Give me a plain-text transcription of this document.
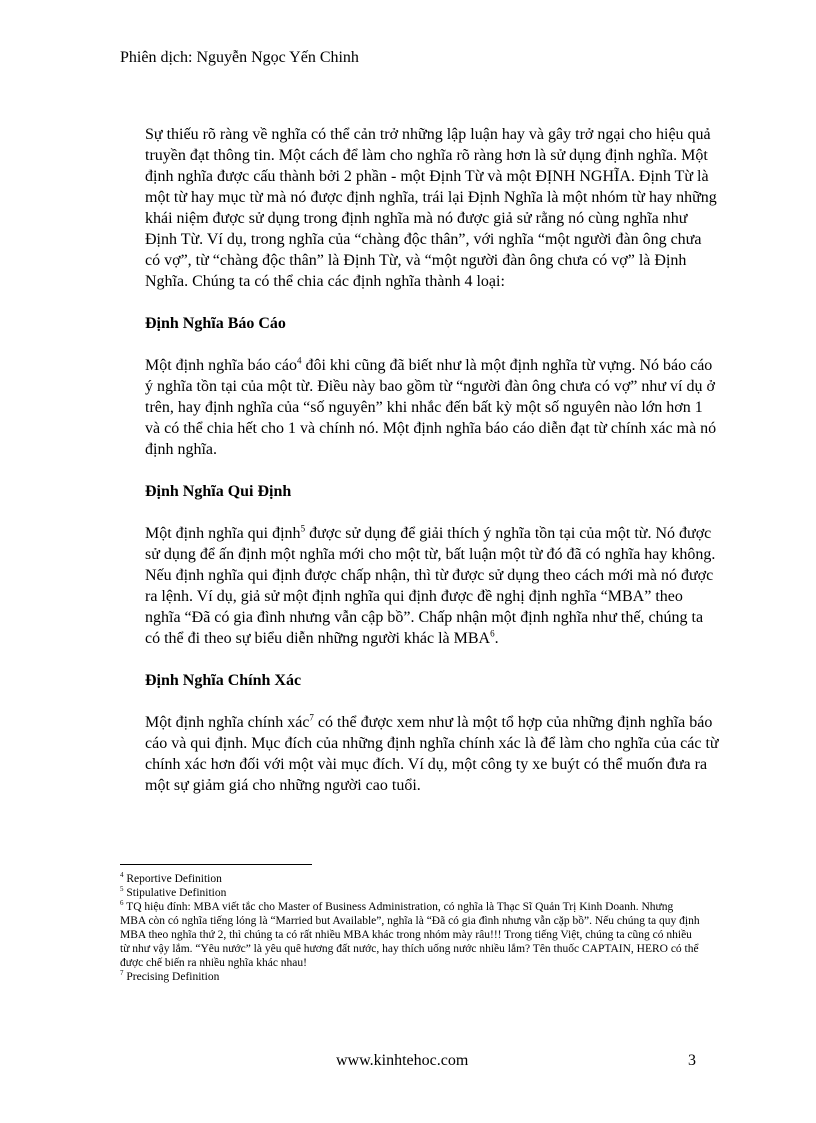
Phiên dịch: Nguyễn Ngọc Yến Chinh

Sự thiếu rõ ràng về nghĩa có thể cản trở những lập luận hay và gây trở ngại cho hiệu quả truyền đạt thông tin. Một cách để làm cho nghĩa rõ ràng hơn là sử dụng định nghĩa. Một định nghĩa được cấu thành bởi 2 phần - một Định Từ và một ĐỊNH NGHĨA. Định Từ là một từ hay mục từ mà nó được định nghĩa, trái lại Định Nghĩa là một nhóm từ hay những khái niệm được sử dụng trong định nghĩa mà nó được giả sử rằng nó cùng nghĩa như Định Từ. Ví dụ, trong nghĩa của “chàng độc thân”, với nghĩa “một người đàn ông chưa có vợ”, từ “chàng độc thân” là Định Từ, và “một người đàn ông chưa có vợ” là Định Nghĩa. Chúng ta có thể chia các định nghĩa thành 4 loại:

Định Nghĩa Báo Cáo

Một định nghĩa báo cáo$^4$ đôi khi cũng đã biết như là một định nghĩa từ vựng. Nó báo cáo ý nghĩa tồn tại của một từ. Điều này bao gồm từ “người đàn ông chưa có vợ” như ví dụ ở trên, hay định nghĩa của “số nguyên” khi nhắc đến bất kỳ một số nguyên nào lớn hơn 1 và có thể chia hết cho 1 và chính nó. Một định nghĩa báo cáo diễn đạt từ chính xác mà nó định nghĩa.

Định Nghĩa Qui Định

Một định nghĩa qui định$^5$ được sử dụng để giải thích ý nghĩa tồn tại của một từ. Nó được sử dụng để ấn định một nghĩa mới cho một từ, bất luận một từ đó đã có nghĩa hay không. Nếu định nghĩa qui định được chấp nhận, thì từ được sử dụng theo cách mới mà nó được ra lệnh. Ví dụ, giả sử một định nghĩa qui định được đề nghị định nghĩa “MBA” theo nghĩa “Đã có gia đình nhưng vẫn cập bồ”. Chấp nhận một định nghĩa như thế, chúng ta có thể đi theo sự biểu diễn những người khác là MBA$^6$.

Định Nghĩa Chính Xác

Một định nghĩa chính xác$^7$ có thể được xem như là một tổ hợp của những định nghĩa báo cáo và qui định. Mục đích của những định nghĩa chính xác là để làm cho nghĩa của các từ chính xác hơn đối với một vài mục đích. Ví dụ, một công ty xe buýt có thể muốn đưa ra một sự giảm giá cho những người cao tuổi.

$^4$ Reportive Definition
$^5$ Stipulative Definition
$^6$ TQ hiệu đính: MBA viết tắc cho Master of Business Administration, có nghĩa là Thạc Sĩ Quản Trị Kinh Doanh. Nhưng MBA còn có nghĩa tiếng lóng là “Married but Available”, nghĩa là “Đã có gia đình nhưng vẫn cặp bồ”. Nếu chúng ta quy định MBA theo nghĩa thứ 2, thì chúng ta có rất nhiều MBA khác trong nhóm mày râu!!! Trong tiếng Việt, chúng ta cũng có nhiều từ như vậy lắm. “Yêu nước” là yêu quê hương đất nước, hay thích uống nước nhiều lắm? Tên thuốc CAPTAIN, HERO có thể được chế biến ra nhiều nghĩa khác nhau!
$^7$ Precising Definition
www.kinhtehoc.com	3
